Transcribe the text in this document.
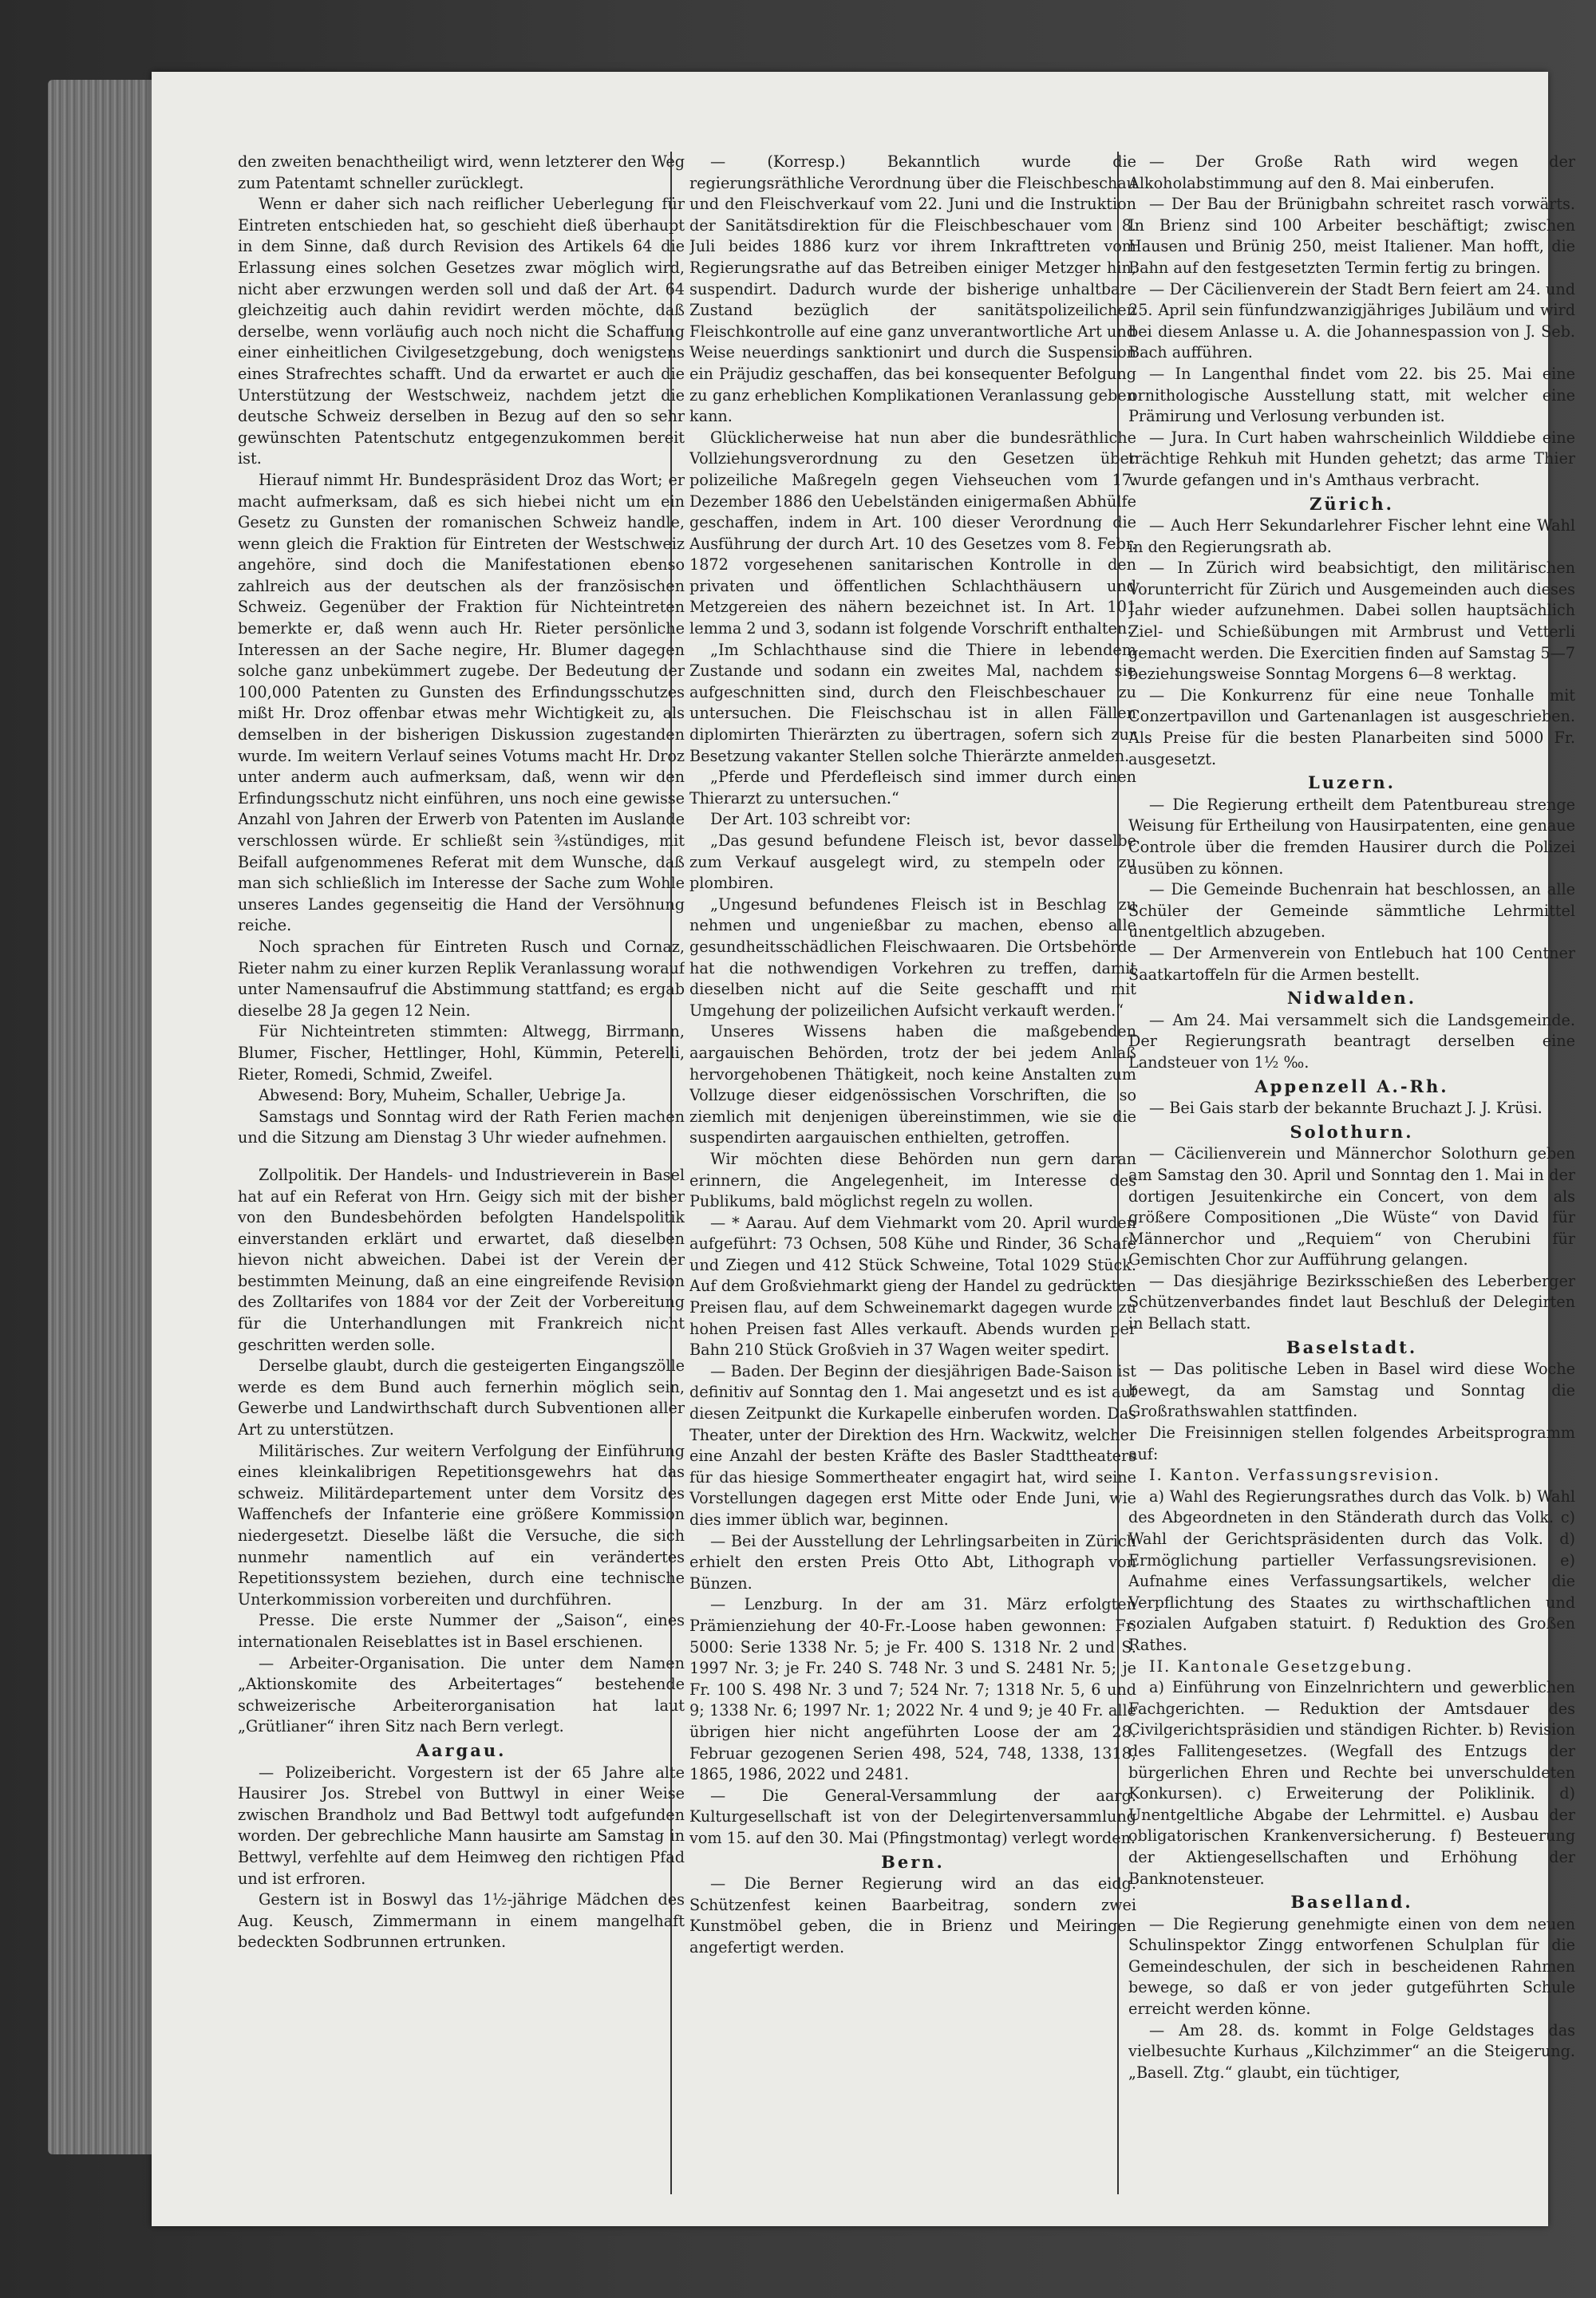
den zweiten benachtheiligt wird, wenn letzterer den Weg zum Patentamt schneller zurücklegt.

Wenn er daher sich nach reiflicher Ueberlegung für Eintreten entschieden hat, so geschieht dieß überhaupt in dem Sinne, daß durch Revision des Artikels 64 die Erlassung eines solchen Gesetzes zwar möglich wird, nicht aber erzwungen werden soll und daß der Art. 64 gleichzeitig auch dahin revidirt werden möchte, daß derselbe, wenn vorläufig auch noch nicht die Schaffung einer einheitlichen Civilgesetzgebung, doch wenigstens eines Strafrechtes schafft. Und da erwartet er auch die Unterstützung der Westschweiz, nachdem jetzt die deutsche Schweiz derselben in Bezug auf den so sehr gewünschten Patentschutz entgegenzukommen bereit ist.

Hierauf nimmt Hr. Bundespräsident Droz das Wort; er macht aufmerksam, daß es sich hiebei nicht um ein Gesetz zu Gunsten der romanischen Schweiz handle, wenn gleich die Fraktion für Eintreten der Westschweiz angehöre, sind doch die Manifestationen ebenso zahlreich aus der deutschen als der französischen Schweiz. Gegenüber der Fraktion für Nichteintreten bemerkte er, daß wenn auch Hr. Rieter persönliche Interessen an der Sache negire, Hr. Blumer dagegen solche ganz unbekümmert zugebe. Der Bedeutung der 100,000 Patenten zu Gunsten des Erfindungsschutzes mißt Hr. Droz offenbar etwas mehr Wichtigkeit zu, als demselben in der bisherigen Diskussion zugestanden wurde. Im weitern Verlauf seines Votums macht Hr. Droz unter anderm auch aufmerksam, daß, wenn wir den Erfindungsschutz nicht einführen, uns noch eine gewisse Anzahl von Jahren der Erwerb von Patenten im Auslande verschlossen würde. Er schließt sein ¾stündiges, mit Beifall aufgenommenes Referat mit dem Wunsche, daß man sich schließlich im Interesse der Sache zum Wohle unseres Landes gegenseitig die Hand der Versöhnung reiche.

Noch sprachen für Eintreten Rusch und Cornaz, Rieter nahm zu einer kurzen Replik Veranlassung worauf unter Namensaufruf die Abstimmung stattfand; es ergab dieselbe 28 Ja gegen 12 Nein.

Für Nichteintreten stimmten: Altwegg, Birrmann, Blumer, Fischer, Hettlinger, Hohl, Kümmin, Peterelli, Rieter, Romedi, Schmid, Zweifel.

Abwesend: Bory, Muheim, Schaller, Uebrige Ja.

Samstags und Sonntag wird der Rath Ferien machen und die Sitzung am Dienstag 3 Uhr wieder aufnehmen.

Zollpolitik. Der Handels- und Industrieverein in Basel hat auf ein Referat von Hrn. Geigy sich mit der bisher von den Bundesbehörden befolgten Handelspolitik einverstanden erklärt und erwartet, daß dieselben hievon nicht abweichen. Dabei ist der Verein der bestimmten Meinung, daß an eine eingreifende Revision des Zolltarifes von 1884 vor der Zeit der Vorbereitung für die Unterhandlungen mit Frankreich nicht geschritten werden solle.

Derselbe glaubt, durch die gesteigerten Eingangszölle werde es dem Bund auch fernerhin möglich sein, Gewerbe und Landwirthschaft durch Subventionen aller Art zu unterstützen.

Militärisches. Zur weitern Verfolgung der Einführung eines kleinkalibrigen Repetitionsgewehrs hat das schweiz. Militärdepartement unter dem Vorsitz des Waffenchefs der Infanterie eine größere Kommission niedergesetzt. Dieselbe läßt die Versuche, die sich nunmehr namentlich auf ein verändertes Repetitionssystem beziehen, durch eine technische Unterkommission vorbereiten und durchführen.

Presse. Die erste Nummer der „Saison“, eines internationalen Reiseblattes ist in Basel erschienen.

— Arbeiter-Organisation. Die unter dem Namen „Aktionskomite des Arbeitertages“ bestehende schweizerische Arbeiterorganisation hat laut „Grütlianer“ ihren Sitz nach Bern verlegt.

Aargau.

— Polizeibericht. Vorgestern ist der 65 Jahre alte Hausirer Jos. Strebel von Buttwyl in einer Weise zwischen Brandholz und Bad Bettwyl todt aufgefunden worden. Der gebrechliche Mann hausirte am Samstag in Bettwyl, verfehlte auf dem Heimweg den richtigen Pfad und ist erfroren.

Gestern ist in Boswyl das 1½-jährige Mädchen des Aug. Keusch, Zimmermann in einem mangelhaft bedeckten Sodbrunnen ertrunken.

— (Korresp.) Bekanntlich wurde die regierungsräthliche Verordnung über die Fleischbeschau und den Fleischverkauf vom 22. Juni und die Instruktion der Sanitätsdirektion für die Fleischbeschauer vom 8. Juli beides 1886 kurz vor ihrem Inkrafttreten vom Regierungsrathe auf das Betreiben einiger Metzger hin, suspendirt. Dadurch wurde der bisherige unhaltbare Zustand bezüglich der sanitätspolizeilichen Fleischkontrolle auf eine ganz unverantwortliche Art und Weise neuerdings sanktionirt und durch die Suspension ein Präjudiz geschaffen, das bei konsequenter Befolgung zu ganz erheblichen Komplikationen Veranlassung geben kann.

Glücklicherweise hat nun aber die bundesräthliche Vollziehungsverordnung zu den Gesetzen über polizeiliche Maßregeln gegen Viehseuchen vom 17. Dezember 1886 den Uebelständen einigermaßen Abhülfe geschaffen, indem in Art. 100 dieser Verordnung die Ausführung der durch Art. 10 des Gesetzes vom 8. Febr. 1872 vorgesehenen sanitarischen Kontrolle in den privaten und öffentlichen Schlachthäusern und Metzgereien des nähern bezeichnet ist. In Art. 101 lemma 2 und 3, sodann ist folgende Vorschrift enthalten:

„Im Schlachthause sind die Thiere in lebendem Zustande und sodann ein zweites Mal, nachdem sie aufgeschnitten sind, durch den Fleischbeschauer zu untersuchen. Die Fleischschau ist in allen Fällen diplomirten Thierärzten zu übertragen, sofern sich zur Besetzung vakanter Stellen solche Thierärzte anmelden.

„Pferde und Pferdefleisch sind immer durch einen Thierarzt zu untersuchen.“

Der Art. 103 schreibt vor:

„Das gesund befundene Fleisch ist, bevor dasselbe zum Verkauf ausgelegt wird, zu stempeln oder zu plombiren.

„Ungesund befundenes Fleisch ist in Beschlag zu nehmen und ungenießbar zu machen, ebenso alle gesundheitsschädlichen Fleischwaaren. Die Ortsbehörde hat die nothwendigen Vorkehren zu treffen, damit dieselben nicht auf die Seite geschafft und mit Umgehung der polizeilichen Aufsicht verkauft werden.“

Unseres Wissens haben die maßgebenden aargauischen Behörden, trotz der bei jedem Anlaß hervorgehobenen Thätigkeit, noch keine Anstalten zum Vollzuge dieser eidgenössischen Vorschriften, die so ziemlich mit denjenigen übereinstimmen, wie sie die suspendirten aargauischen enthielten, getroffen.

Wir möchten diese Behörden nun gern daran erinnern, die Angelegenheit, im Interesse des Publikums, bald möglichst regeln zu wollen.

— * Aarau. Auf dem Viehmarkt vom 20. April wurden aufgeführt: 73 Ochsen, 508 Kühe und Rinder, 36 Schafe und Ziegen und 412 Stück Schweine, Total 1029 Stück. Auf dem Großviehmarkt gieng der Handel zu gedrückten Preisen flau, auf dem Schweinemarkt dagegen wurde zu hohen Preisen fast Alles verkauft. Abends wurden per Bahn 210 Stück Großvieh in 37 Wagen weiter spedirt.

— Baden. Der Beginn der diesjährigen Bade-Saison ist definitiv auf Sonntag den 1. Mai angesetzt und es ist auf diesen Zeitpunkt die Kurkapelle einberufen worden. Das Theater, unter der Direktion des Hrn. Wackwitz, welcher eine Anzahl der besten Kräfte des Basler Stadttheaters für das hiesige Sommertheater engagirt hat, wird seine Vorstellungen dagegen erst Mitte oder Ende Juni, wie dies immer üblich war, beginnen.

— Bei der Ausstellung der Lehrlingsarbeiten in Zürich erhielt den ersten Preis Otto Abt, Lithograph von Bünzen.

— Lenzburg. In der am 31. März erfolgten Prämienziehung der 40-Fr.-Loose haben gewonnen: Fr. 5000: Serie 1338 Nr. 5; je Fr. 400 S. 1318 Nr. 2 und S. 1997 Nr. 3; je Fr. 240 S. 748 Nr. 3 und S. 2481 Nr. 5; je Fr. 100 S. 498 Nr. 3 und 7; 524 Nr. 7; 1318 Nr. 5, 6 und 9; 1338 Nr. 6; 1997 Nr. 1; 2022 Nr. 4 und 9; je 40 Fr. alle übrigen hier nicht angeführten Loose der am 28. Februar gezogenen Serien 498, 524, 748, 1338, 1318, 1865, 1986, 2022 und 2481.

— Die General-Versammlung der aarg. Kulturgesellschaft ist von der Delegirtenversammlung vom 15. auf den 30. Mai (Pfingstmontag) verlegt worden.

Bern.

— Die Berner Regierung wird an das eidg. Schützenfest keinen Baarbeitrag, sondern zwei Kunstmöbel geben, die in Brienz und Meiringen angefertigt werden.

— Der Große Rath wird wegen der Alkoholabstimmung auf den 8. Mai einberufen.

— Der Bau der Brünigbahn schreitet rasch vorwärts. In Brienz sind 100 Arbeiter beschäftigt; zwischen Hausen und Brünig 250, meist Italiener. Man hofft, die Bahn auf den festgesetzten Termin fertig zu bringen.

— Der Cäcilienverein der Stadt Bern feiert am 24. und 25. April sein fünfundzwanzigjähriges Jubiläum und wird bei diesem Anlasse u. A. die Johannespassion von J. Seb. Bach aufführen.

— In Langenthal findet vom 22. bis 25. Mai eine ornithologische Ausstellung statt, mit welcher eine Prämirung und Verlosung verbunden ist.

— Jura. In Curt haben wahrscheinlich Wilddiebe eine trächtige Rehkuh mit Hunden gehetzt; das arme Thier wurde gefangen und in's Amthaus verbracht.

Zürich.

— Auch Herr Sekundarlehrer Fischer lehnt eine Wahl in den Regierungsrath ab.

— In Zürich wird beabsichtigt, den militärischen Vorunterricht für Zürich und Ausgemeinden auch dieses Jahr wieder aufzunehmen. Dabei sollen hauptsächlich Ziel- und Schießübungen mit Armbrust und Vetterli gemacht werden. Die Exercitien finden auf Samstag 5—7 beziehungsweise Sonntag Morgens 6—8 werktag.

— Die Konkurrenz für eine neue Tonhalle mit Conzertpavillon und Gartenanlagen ist ausgeschrieben. Als Preise für die besten Planarbeiten sind 5000 Fr. ausgesetzt.

Luzern.

— Die Regierung ertheilt dem Patentbureau strenge Weisung für Ertheilung von Hausirpatenten, eine genaue Controle über die fremden Hausirer durch die Polizei ausüben zu können.

— Die Gemeinde Buchenrain hat beschlossen, an alle Schüler der Gemeinde sämmtliche Lehrmittel unentgeltlich abzugeben.

— Der Armenverein von Entlebuch hat 100 Centner Saatkartoffeln für die Armen bestellt.

Nidwalden.

— Am 24. Mai versammelt sich die Landsgemeinde. Der Regierungsrath beantragt derselben eine Landsteuer von 1½ ‰.

Appenzell A.-Rh.

— Bei Gais starb der bekannte Bruchazt J. J. Krüsi.

Solothurn.

— Cäcilienverein und Männerchor Solothurn geben am Samstag den 30. April und Sonntag den 1. Mai in der dortigen Jesuitenkirche ein Concert, von dem als größere Compositionen „Die Wüste“ von David für Männerchor und „Requiem“ von Cherubini für Gemischten Chor zur Aufführung gelangen.

— Das diesjährige Bezirksschießen des Leberberger Schützenverbandes findet laut Beschluß der Delegirten in Bellach statt.

Baselstadt.

— Das politische Leben in Basel wird diese Woche bewegt, da am Samstag und Sonntag die Großrathswahlen stattfinden.

Die Freisinnigen stellen folgendes Arbeitsprogramm auf:

I. Kanton. Verfassungsrevision.

a) Wahl des Regierungsrathes durch das Volk. b) Wahl des Abgeordneten in den Ständerath durch das Volk. c) Wahl der Gerichtspräsidenten durch das Volk. d) Ermöglichung partieller Verfassungsrevisionen. e) Aufnahme eines Verfassungsartikels, welcher die Verpflichtung des Staates zu wirthschaftlichen und sozialen Aufgaben statuirt. f) Reduktion des Großen Rathes.

II. Kantonale Gesetzgebung.

a) Einführung von Einzelnrichtern und gewerblichen Fachgerichten. — Reduktion der Amtsdauer des Civilgerichtspräsidien und ständigen Richter. b) Revision des Fallitengesetzes. (Wegfall des Entzugs der bürgerlichen Ehren und Rechte bei unverschuldeten Konkursen). c) Erweiterung der Poliklinik. d) Unentgeltliche Abgabe der Lehrmittel. e) Ausbau der obligatorischen Krankenversicherung. f) Besteuerung der Aktiengesellschaften und Erhöhung der Banknotensteuer.

Baselland.

— Die Regierung genehmigte einen von dem neuen Schulinspektor Zingg entworfenen Schulplan für die Gemeindeschulen, der sich in bescheidenen Rahmen bewege, so daß er von jeder gutgeführten Schule erreicht werden könne.

— Am 28. ds. kommt in Folge Geldstages das vielbesuchte Kurhaus „Kilchzimmer“ an die Steigerung. „Basell. Ztg.“ glaubt, ein tüchtiger,
